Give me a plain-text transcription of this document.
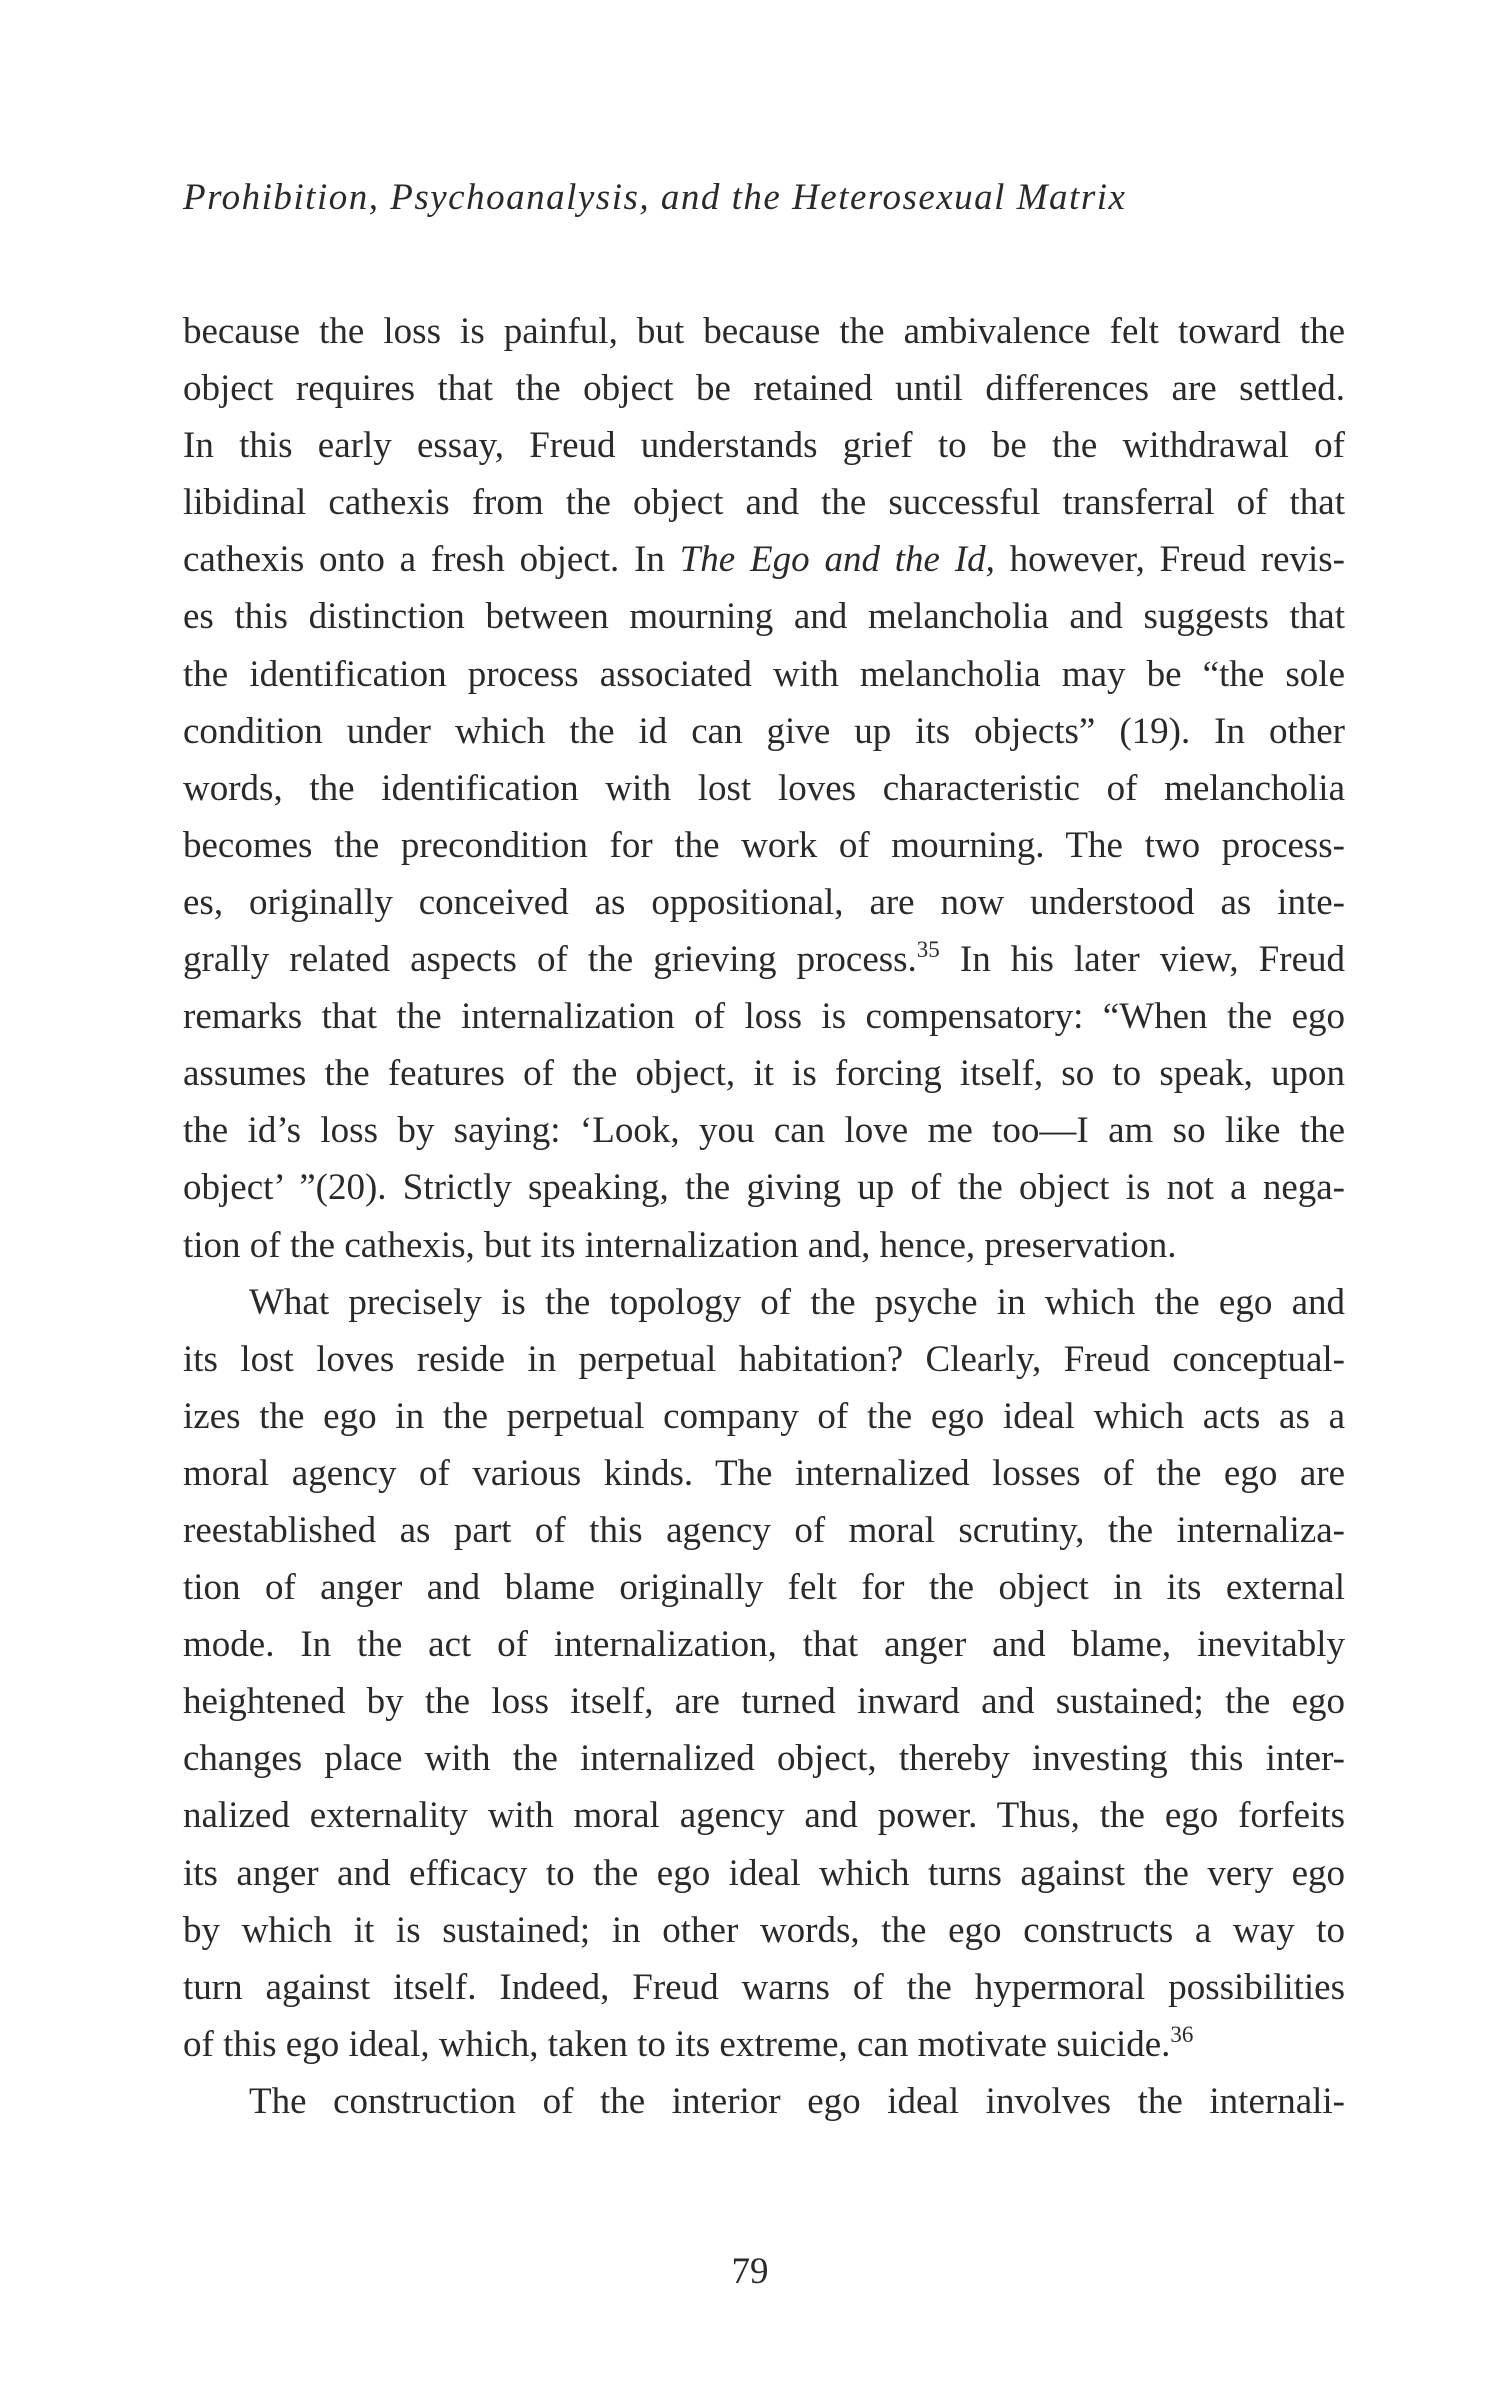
Prohibition, Psychoanalysis, and the Heterosexual Matrix
because the loss is painful, but because the ambivalence felt toward the
object requires that the object be retained until differences are settled.
In this early essay, Freud understands grief to be the withdrawal of
libidinal cathexis from the object and the successful transferral of that
cathexis onto a fresh object. In The Ego and the Id, however, Freud revis-
es this distinction between mourning and melancholia and suggests that
the identification process associated with melancholia may be “the sole
condition under which the id can give up its objects” (19). In other
words, the identification with lost loves characteristic of melancholia
becomes the precondition for the work of mourning. The two process-
es, originally conceived as oppositional, are now understood as inte-
grally related aspects of the grieving process.$^{35}$ In his later view, Freud
remarks that the internalization of loss is compensatory: “When the ego
assumes the features of the object, it is forcing itself, so to speak, upon
the id’s loss by saying: ‘Look, you can love me too—I am so like the
object’ ”(20). Strictly speaking, the giving up of the object is not a nega-
tion of the cathexis, but its internalization and, hence, preservation.
What precisely is the topology of the psyche in which the ego and
its lost loves reside in perpetual habitation? Clearly, Freud conceptual-
izes the ego in the perpetual company of the ego ideal which acts as a
moral agency of various kinds. The internalized losses of the ego are
reestablished as part of this agency of moral scrutiny, the internaliza-
tion of anger and blame originally felt for the object in its external
mode. In the act of internalization, that anger and blame, inevitably
heightened by the loss itself, are turned inward and sustained; the ego
changes place with the internalized object, thereby investing this inter-
nalized externality with moral agency and power. Thus, the ego forfeits
its anger and efficacy to the ego ideal which turns against the very ego
by which it is sustained; in other words, the ego constructs a way to
turn against itself. Indeed, Freud warns of the hypermoral possibilities
of this ego ideal, which, taken to its extreme, can motivate suicide.$^{36}$
The construction of the interior ego ideal involves the internali-
79
